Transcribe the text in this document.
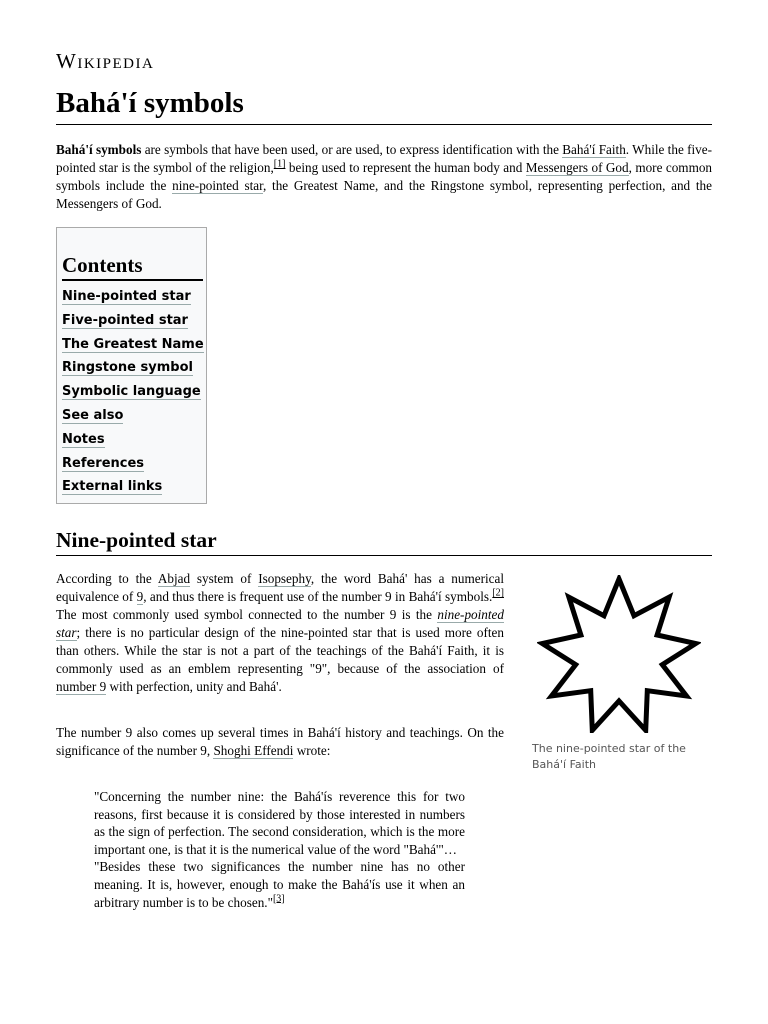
Wikipedia
Bahá'í symbols

Bahá'í symbols are symbols that have been used, or are used, to express identification with the Bahá'í Faith. While the five-pointed star is the symbol of the religion,[1] being used to represent the human body and Messengers of God, more common symbols include the nine-pointed star, the Greatest Name, and the Ringstone symbol, representing perfection, and the Messengers of God.

Contents
Nine-pointed star
Five-pointed star
The Greatest Name
Ringstone symbol
Symbolic language
See also
Notes
References
External links
Nine-pointed star

According to the Abjad system of Isopsephy, the word Bahá' has a numerical equivalence of 9, and thus there is frequent use of the number 9 in Bahá'í symbols.[2] The most commonly used symbol connected to the number 9 is the nine-pointed star; there is no particular design of the nine-pointed star that is used more often than others. While the star is not a part of the teachings of the Bahá'í Faith, it is commonly used as an emblem representing "9", because of the association of number 9 with perfection, unity and Bahá'.

The number 9 also comes up several times in Bahá'í history and teachings. On the significance of the number 9, Shoghi Effendi wrote:

"Concerning the number nine: the Bahá'ís reverence this for two reasons, first because it is considered by those interested in numbers as the sign of perfection. The second consideration, which is the more important one, is that it is the numerical value of the word "Bahá'"…

"Besides these two significances the number nine has no other meaning. It is, however, enough to make the Bahá'ís use it when an arbitrary number is to be chosen."[3]

The nine-pointed star of the Bahá'í Faith
